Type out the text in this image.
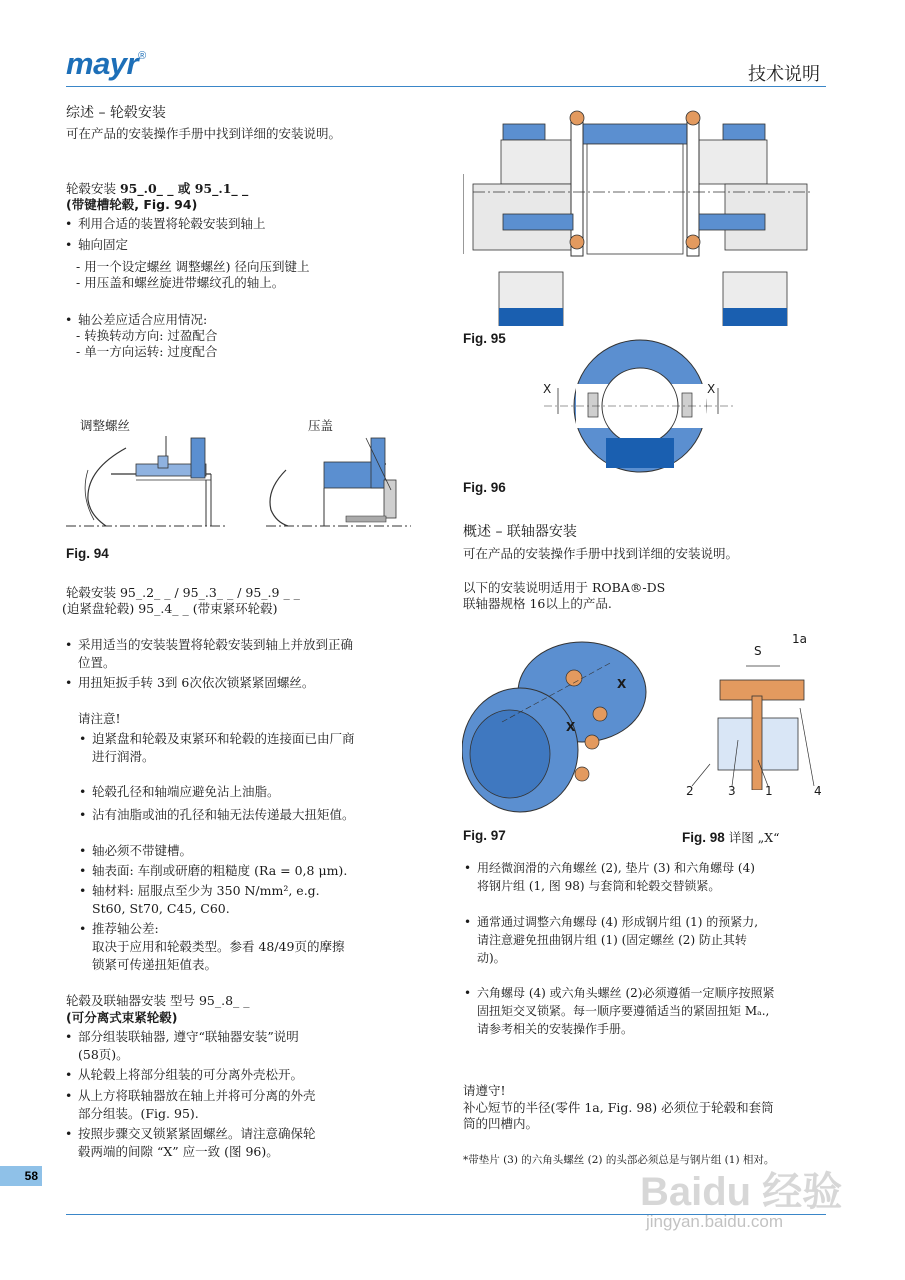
mayr®
技术说明
综述 – 轮毂安装
可在产品的安装操作手册中找到详细的安装说明。
轮毂安装 95_.0_ _ 或 95_.1_ _
(带键槽轮毂, Fig. 94)
• 利用合适的装置将轮毂安装到轴上
• 轴向固定
- 用一个设定螺丝 调整螺丝) 径向压到键上
- 用压盖和螺丝旋进带螺纹孔的轴上。
• 轴公差应适合应用情况:
- 转换转动方向: 过盈配合
- 单一方向运转: 过度配合
调整螺丝	压盖
Fig. 94
轮毂安装 95_.2_ _ / 95_.3_ _ / 95_.9 _ _
(迫紧盘轮毂) 95_.4_ _ (带束紧环轮毂)
• 采用适当的安装装置将轮毂安装到轴上并放到正确
位置。
• 用扭矩扳手转 3到 6次依次锁紧紧固螺丝。
请注意!
• 迫紧盘和轮毂及束紧环和轮毂的连接面已由厂商
进行润滑。
• 轮毂孔径和轴端应避免沾上油脂。
• 沾有油脂或油的孔径和轴无法传递最大扭矩值。
• 轴必须不带键槽。
• 轴表面: 车削或研磨的粗糙度 (Ra = 0,8 μm).
• 轴材料: 屈服点至少为 350 N/mm², e.g.
St60, St70, C45, C60.
• 推荐轴公差:
取决于应用和轮毂类型。参看 48/49页的摩擦
锁紧可传递扭矩值表。
轮毂及联轴器安装 型号 95_.8_ _
(可分离式束紧轮毂)
• 部分组装联轴器, 遵守“联轴器安装”说明
(58页)。
• 从轮毂上将部分组装的可分离外壳松开。
• 从上方将联轴器放在轴上并将可分离的外壳
部分组装。(Fig. 95).
• 按照步骤交叉锁紧紧固螺丝。请注意确保轮
毂两端的间隙 “X” 应一致 (图 96)。
Fig. 95
X	X
Fig. 96
概述 – 联轴器安装
可在产品的安装操作手册中找到详细的安装说明。
以下的安装说明适用于 ROBA®-DS
联轴器规格 16以上的产品.
X
X
Fig. 97
S
1a
2	3 1	4
Fig. 98 详图 „X“
• 用经微润滑的六角螺丝 (2), 垫片 (3) 和六角螺母 (4)
将钢片组 (1, 图 98) 与套筒和轮毂交替锁紧。
• 通常通过调整六角螺母 (4) 形成钢片组 (1) 的预紧力,
请注意避免扭曲钢片组 (1) (固定螺丝 (2) 防止其转
动)。
• 六角螺母 (4) 或六角头螺丝 (2)必须遵循一定顺序按照紧
固扭矩交叉锁紧。每一顺序要遵循适当的紧固扭矩 Mₐ.,
请参考相关的安装操作手册。
请遵守!
补心短节的半径(零件 1a, Fig. 98) 必须位于轮毂和套筒
筒的凹槽内。
*带垫片 (3) 的六角头螺丝 (2) 的头部必须总是与钢片组 (1) 相对。
58	Baidu 经验
jingyan.baidu.com
